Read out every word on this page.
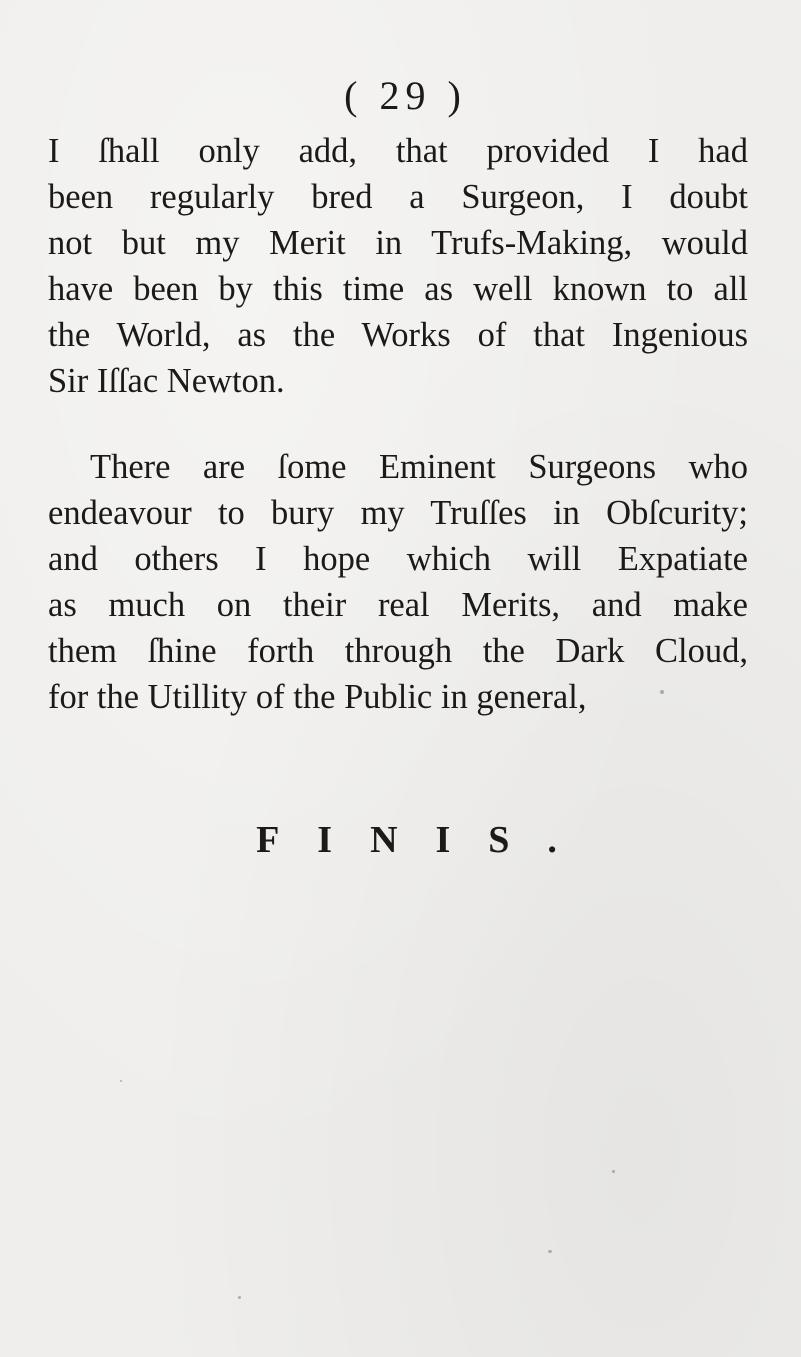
( 29 )

I ſhall only add, that provided I had
been regularly bred a Surgeon, I doubt
not but my Merit in Trufs-Making, would
have been by this time as well known to all
the World, as the Works of that Ingenious
Sir Iſſac Newton.

There are ſome Eminent Surgeons who
endeavour to bury my Truſſes in Obſcurity;
and others I hope which will Expatiate
as much on their real Merits, and make
them ſhine forth through the Dark Cloud,
for the Utillity of the Public in general,

FINIS.
